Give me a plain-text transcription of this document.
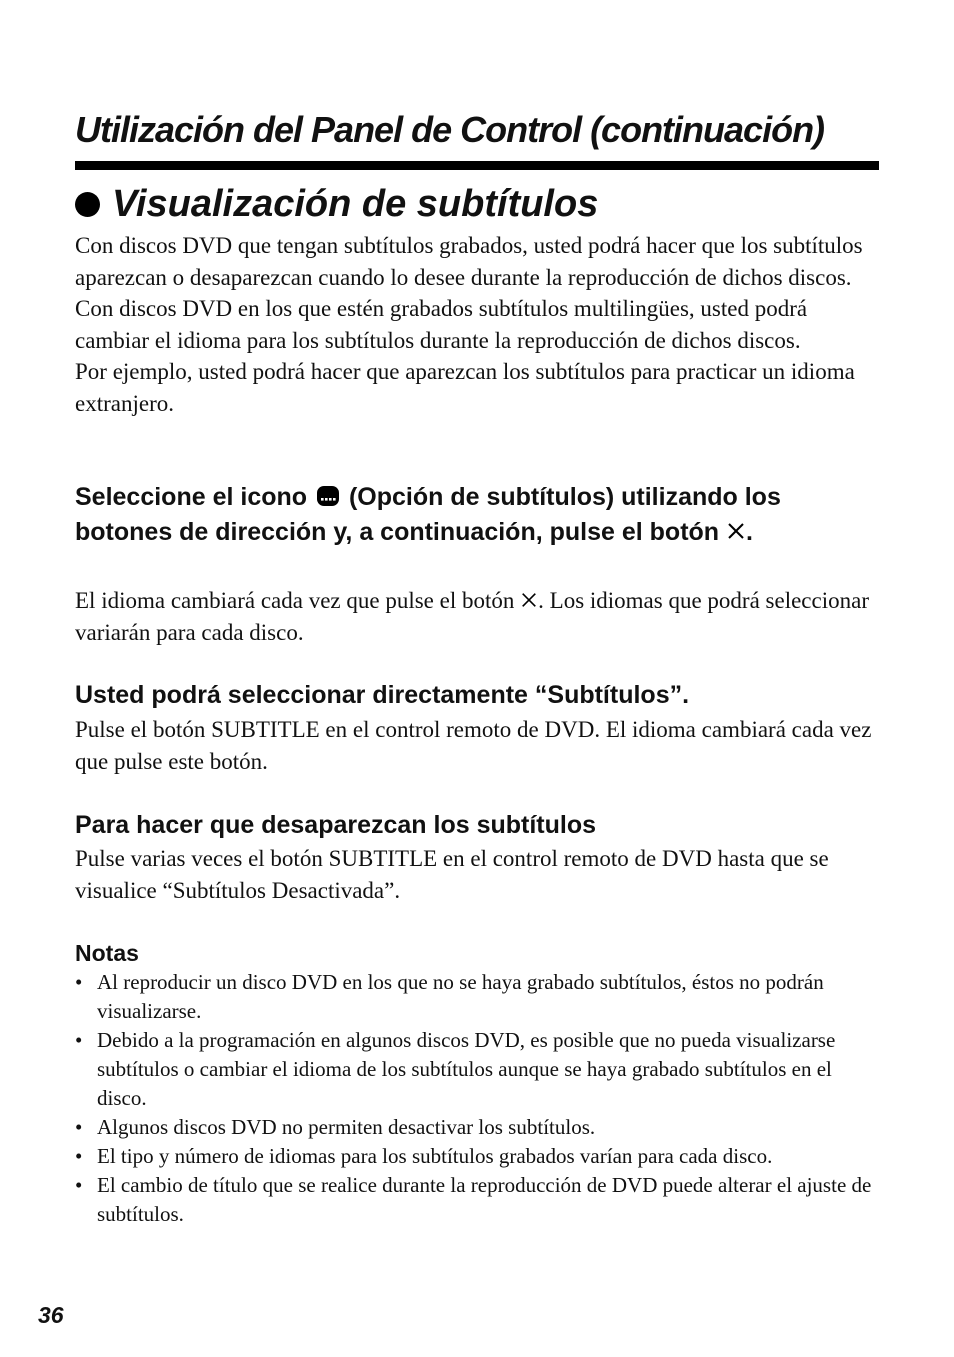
Utilización del Panel de Control (continuación)
Visualización de subtítulos

Con discos DVD que tengan subtítulos grabados, usted podrá hacer que los subtítulos aparezcan o desaparezcan cuando lo desee durante la reproducción de dichos discos. Con discos DVD en los que estén grabados subtítulos multilingües, usted podrá cambiar el idioma para los subtítulos durante la reproducción de dichos discos.

Por ejemplo, usted podrá hacer que aparezcan los subtítulos para practicar un idioma extranjero.

Seleccione el icono (Opción de subtítulos) utilizando los botones de dirección y, a continuación, pulse el botón .

El idioma cambiará cada vez que pulse el botón . Los idiomas que podrá seleccionar variarán para cada disco.

Usted podrá seleccionar directamente “Subtítulos”.

Pulse el botón SUBTITLE en el control remoto de DVD. El idioma cambiará cada vez que pulse este botón.

Para hacer que desaparezcan los subtítulos

Pulse varias veces el botón SUBTITLE en el control remoto de DVD hasta que se visualice “Subtítulos Desactivada”.

Notas

• Al reproducir un disco DVD en los que no se haya grabado subtítulos, éstos no podrán visualizarse.
• Debido a la programación en algunos discos DVD, es posible que no pueda visualizarse subtítulos o cambiar el idioma de los subtítulos aunque se haya grabado subtítulos en el disco.
• Algunos discos DVD no permiten desactivar los subtítulos.
• El tipo y número de idiomas para los subtítulos grabados varían para cada disco.
• El cambio de título que se realice durante la reproducción de DVD puede alterar el ajuste de subtítulos.
36
